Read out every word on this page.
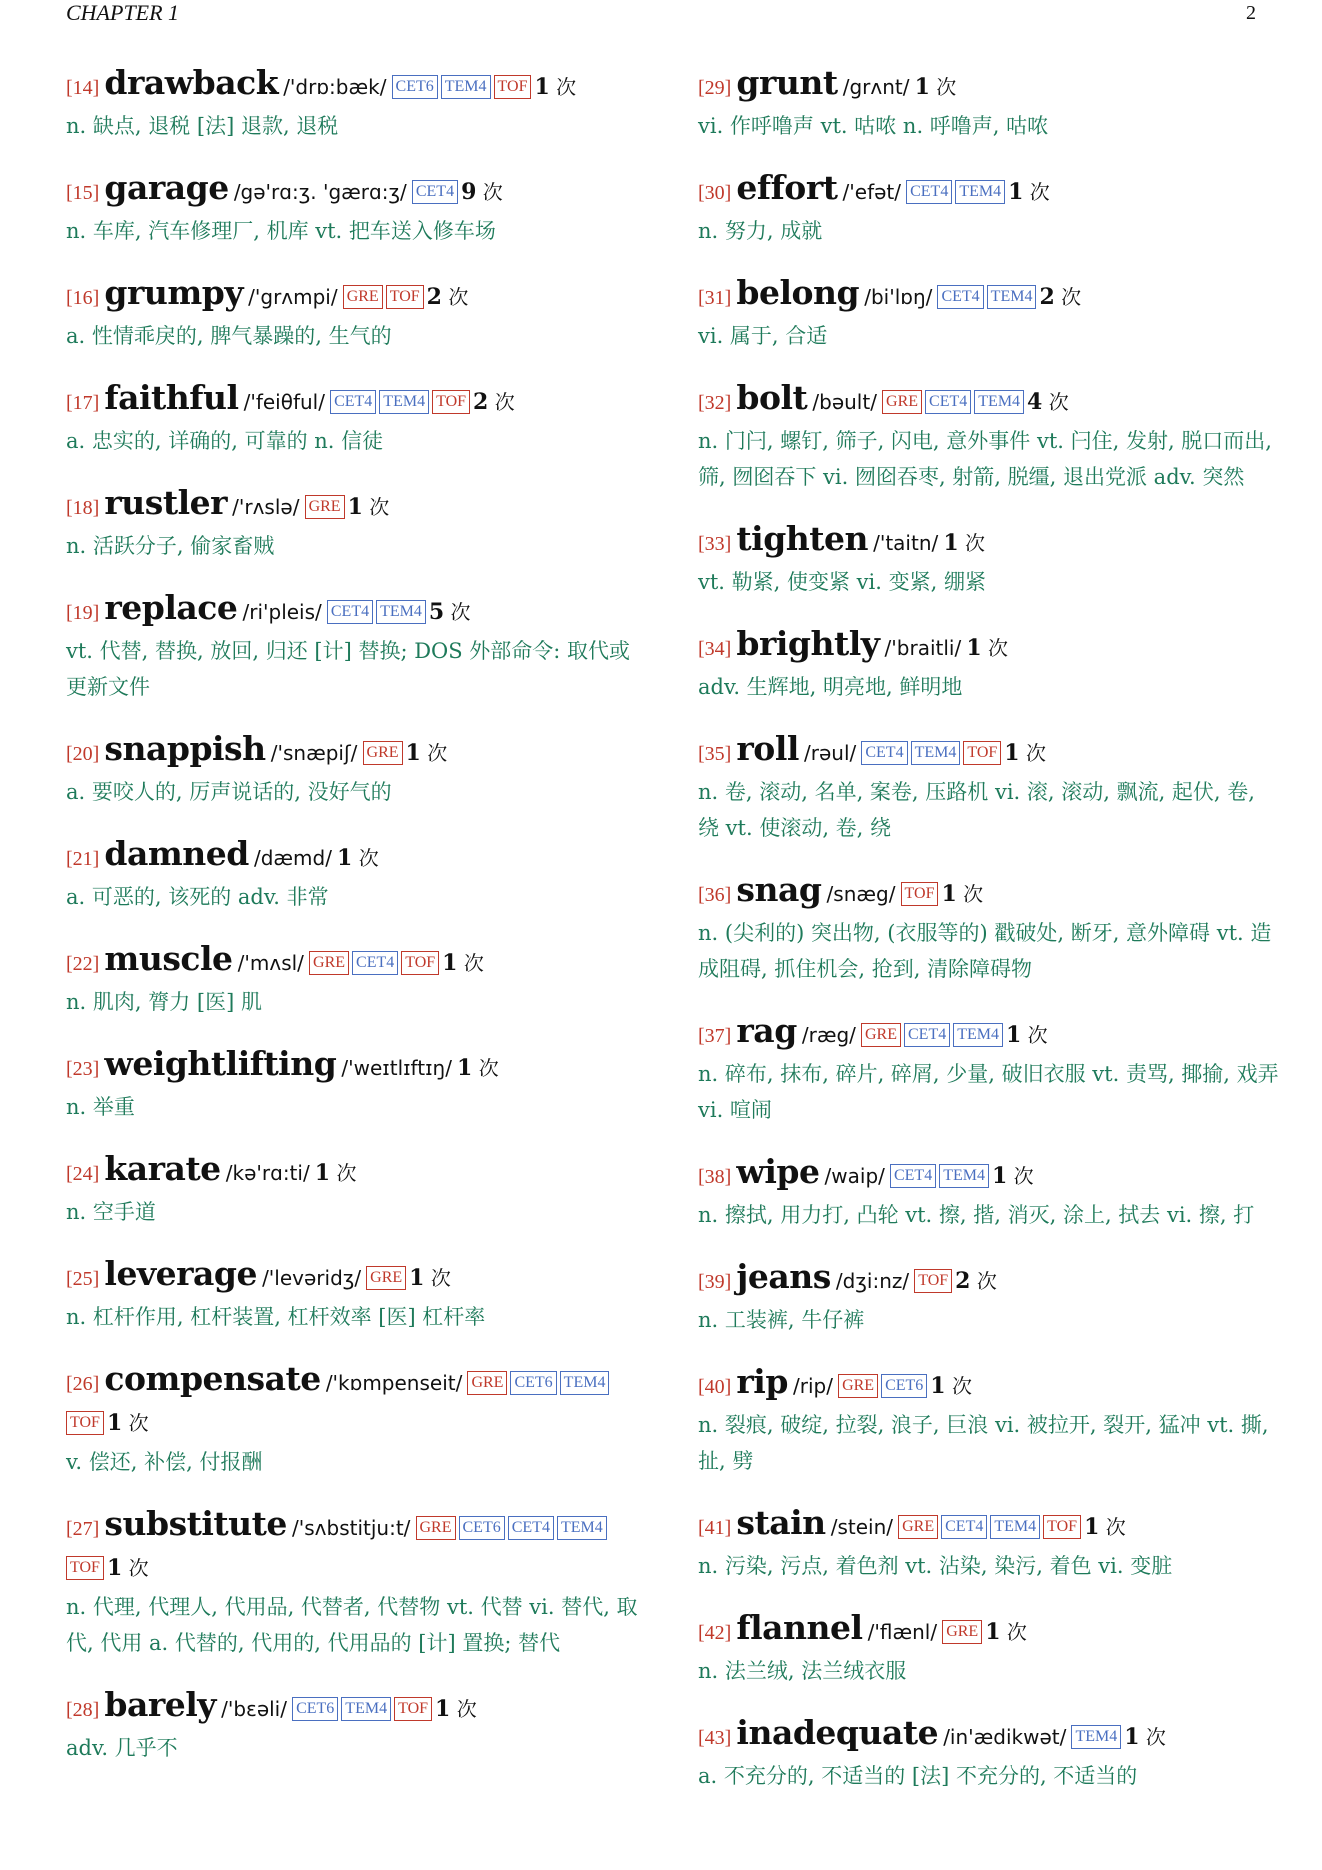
CHAPTER 1	2
[14] drawback /'drɒ:bæk/ CET6 TEM4 TOF 1 次
n. 缺点, 退税 [法] 退款, 退税
[15] garage /gə'rɑ:ʒ. 'gærɑ:ʒ/ CET4 9 次
n. 车库, 汽车修理厂, 机库 vt. 把车送入修车场
[16] grumpy /'grʌmpi/ GRE TOF 2 次
a. 性情乖戾的, 脾气暴躁的, 生气的
[17] faithful /'feiθful/ CET4 TEM4 TOF 2 次
a. 忠实的, 详确的, 可靠的 n. 信徒
[18] rustler /'rʌslə/ GRE 1 次
n. 活跃分子, 偷家畜贼
[19] replace /ri'pleis/ CET4 TEM4 5 次
vt. 代替, 替换, 放回, 归还 [计] 替换; DOS 外部命令: 取代或更新文件
[20] snappish /'snæpiʃ/ GRE 1 次
a. 要咬人的, 厉声说话的, 没好气的
[21] damned /dæmd/ 1 次
a. 可恶的, 该死的 adv. 非常
[22] muscle /'mʌsl/ GRE CET4 TOF 1 次
n. 肌肉, 膂力 [医] 肌
[23] weightlifting /'weɪtlɪftɪŋ/ 1 次
n. 举重
[24] karate /kə'rɑ:ti/ 1 次
n. 空手道
[25] leverage /'levəridʒ/ GRE 1 次
n. 杠杆作用, 杠杆装置, 杠杆效率 [医] 杠杆率
[26] compensate /'kɒmpenseit/ GRE CET6 TEM4TOF 1 次
v. 偿还, 补偿, 付报酬
[27] substitute /'sʌbstitju:t/ GRE CET6 CET4 TEM4TOF 1 次
n. 代理, 代理人, 代用品, 代替者, 代替物 vt. 代替 vi. 替代, 取代, 代用 a. 代替的, 代用的, 代用品的 [计] 置换; 替代
[28] barely /'bɛəli/ CET6 TEM4 TOF 1 次
adv. 几乎不
[29] grunt /grʌnt/ 1 次
vi. 作呼噜声 vt. 咕哝 n. 呼噜声, 咕哝
[30] effort /'efət/ CET4 TEM4 1 次
n. 努力, 成就
[31] belong /bi'lɒŋ/ CET4 TEM4 2 次
vi. 属于, 合适
[32] bolt /bəult/ GRE CET4 TEM4 4 次
n. 门闩, 螺钉, 筛子, 闪电, 意外事件 vt. 闩住, 发射, 脱口而出, 筛, 囫囵吞下 vi. 囫囵吞枣, 射箭, 脱缰, 退出党派 adv. 突然
[33] tighten /'taitn/ 1 次
vt. 勒紧, 使变紧 vi. 变紧, 绷紧
[34] brightly /'braitli/ 1 次
adv. 生辉地, 明亮地, 鲜明地
[35] roll /rəul/ CET4 TEM4 TOF 1 次
n. 卷, 滚动, 名单, 案卷, 压路机 vi. 滚, 滚动, 飘流, 起伏, 卷, 绕 vt. 使滚动, 卷, 绕
[36] snag /snæg/ TOF 1 次
n. (尖利的) 突出物, (衣服等的) 戳破处, 断牙, 意外障碍 vt. 造成阻碍, 抓住机会, 抢到, 清除障碍物
[37] rag /ræg/ GRE CET4 TEM4 1 次
n. 碎布, 抹布, 碎片, 碎屑, 少量, 破旧衣服 vt. 责骂, 揶揄, 戏弄 vi. 喧闹
[38] wipe /waip/ CET4 TEM4 1 次
n. 擦拭, 用力打, 凸轮 vt. 擦, 揩, 消灭, 涂上, 拭去 vi. 擦, 打
[39] jeans /dʒi:nz/ TOF 2 次
n. 工装裤, 牛仔裤
[40] rip /rip/ GRE CET6 1 次
n. 裂痕, 破绽, 拉裂, 浪子, 巨浪 vi. 被拉开, 裂开, 猛冲 vt. 撕, 扯, 劈
[41] stain /stein/ GRE CET4 TEM4 TOF 1 次
n. 污染, 污点, 着色剂 vt. 沾染, 染污, 着色 vi. 变脏
[42] flannel /'flænl/ GRE 1 次
n. 法兰绒, 法兰绒衣服
[43] inadequate /in'ædikwət/ TEM4 1 次
a. 不充分的, 不适当的 [法] 不充分的, 不适当的
